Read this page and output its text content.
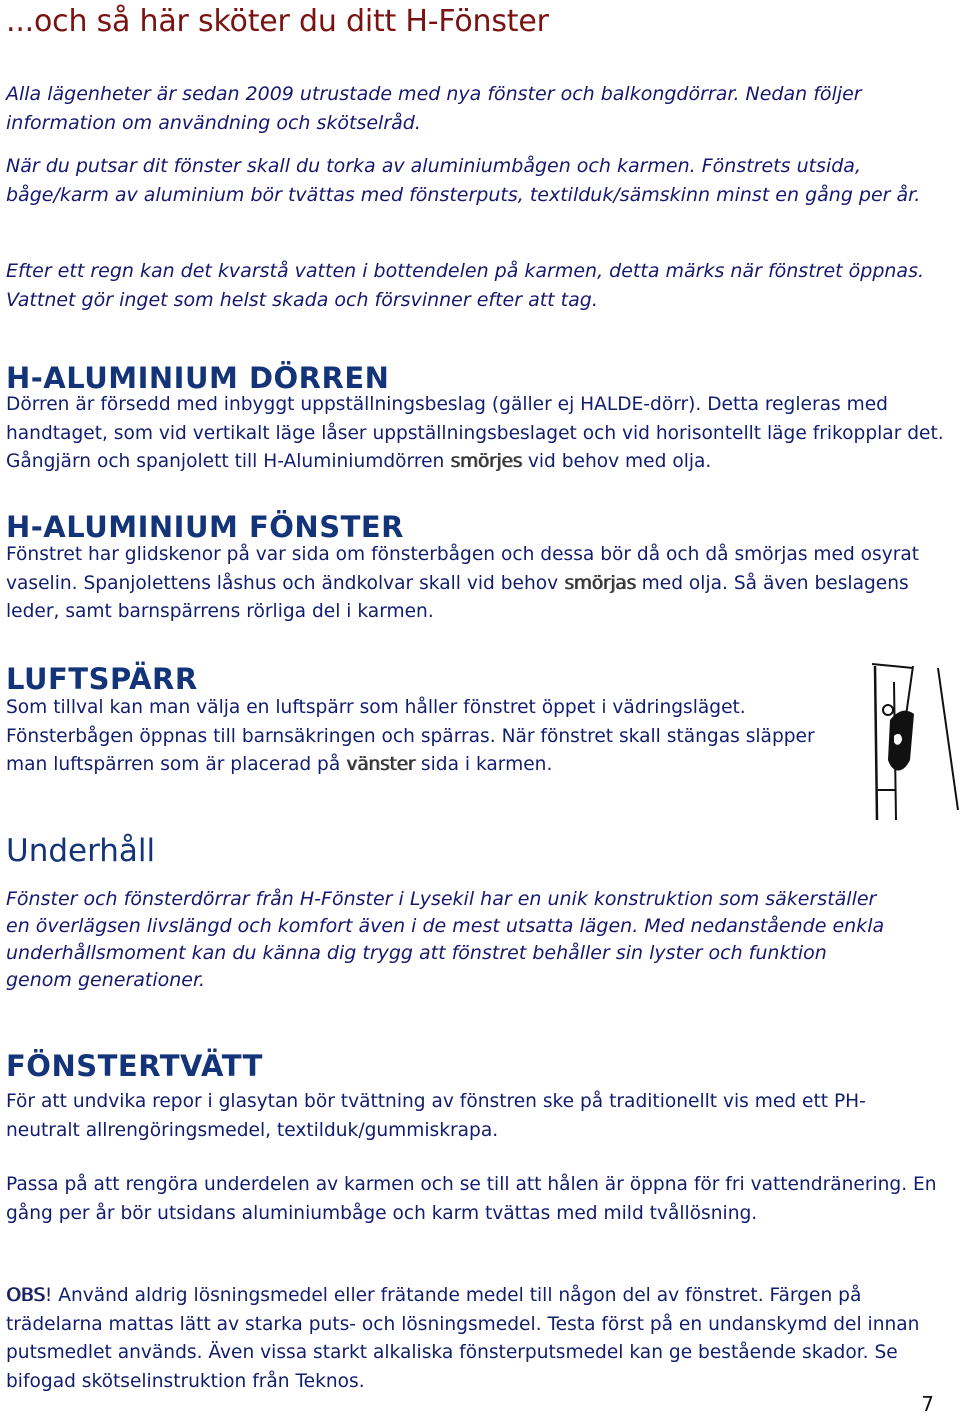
...och så här sköter du ditt H-Fönster

Alla lägenheter är sedan 2009 utrustade med nya fönster och balkongdörrar. Nedan följer information om användning och skötselråd.

När du putsar dit fönster skall du torka av aluminiumbågen och karmen. Fönstrets utsida, båge/karm av aluminium bör tvättas med fönsterputs, textilduk/sämskinn minst en gång per år.

Efter ett regn kan det kvarstå vatten i bottendelen på karmen, detta märks när fönstret öppnas. Vattnet gör inget som helst skada och försvinner efter att tag.

H-ALUMINIUM DÖRREN

Dörren är försedd med inbyggt uppställningsbeslag (gäller ej HALDE-dörr). Detta regleras med handtaget, som vid vertikalt läge låser uppställningsbeslaget och vid horisontellt läge frikopplar det. Gångjärn och spanjolett till H-Aluminiumdörren smörjes vid behov med olja.

H-ALUMINIUM FÖNSTER

Fönstret har glidskenor på var sida om fönsterbågen och dessa bör då och då smörjas med osyrat vaselin. Spanjolettens låshus och ändkolvar skall vid behov smörjas med olja. Så även beslagens leder, samt barnspärrens rörliga del i karmen.

LUFTSPÄRR

Som tillval kan man välja en luftspärr som håller fönstret öppet i vädringsläget. Fönsterbågen öppnas till barnsäkringen och spärras. När fönstret skall stängas släpper man luftspärren som är placerad på vänster sida i karmen.

Underhåll

Fönster och fönsterdörrar från H-Fönster i Lysekil har en unik konstruktion som säkerställer en överlägsen livslängd och komfort även i de mest utsatta lägen. Med nedanstående enkla underhållsmoment kan du känna dig trygg att fönstret behåller sin lyster och funktion genom generationer.

FÖNSTERTVÄTT

För att undvika repor i glasytan bör tvättning av fönstren ske på traditionellt vis med ett PH-neutralt allrengöringsmedel, textilduk/gummiskrapa.

Passa på att rengöra underdelen av karmen och se till att hålen är öppna för fri vattendränering. En gång per år bör utsidans aluminiumbåge och karm tvättas med mild tvållösning.

OBS! Använd aldrig lösningsmedel eller frätande medel till någon del av fönstret. Färgen på trädelarna mattas lätt av starka puts- och lösningsmedel. Testa först på en undanskymd del innan putsmedlet används. Även vissa starkt alkaliska fönsterputsmedel kan ge bestående skador. Se bifogad skötselinstruktion från Teknos.

7
